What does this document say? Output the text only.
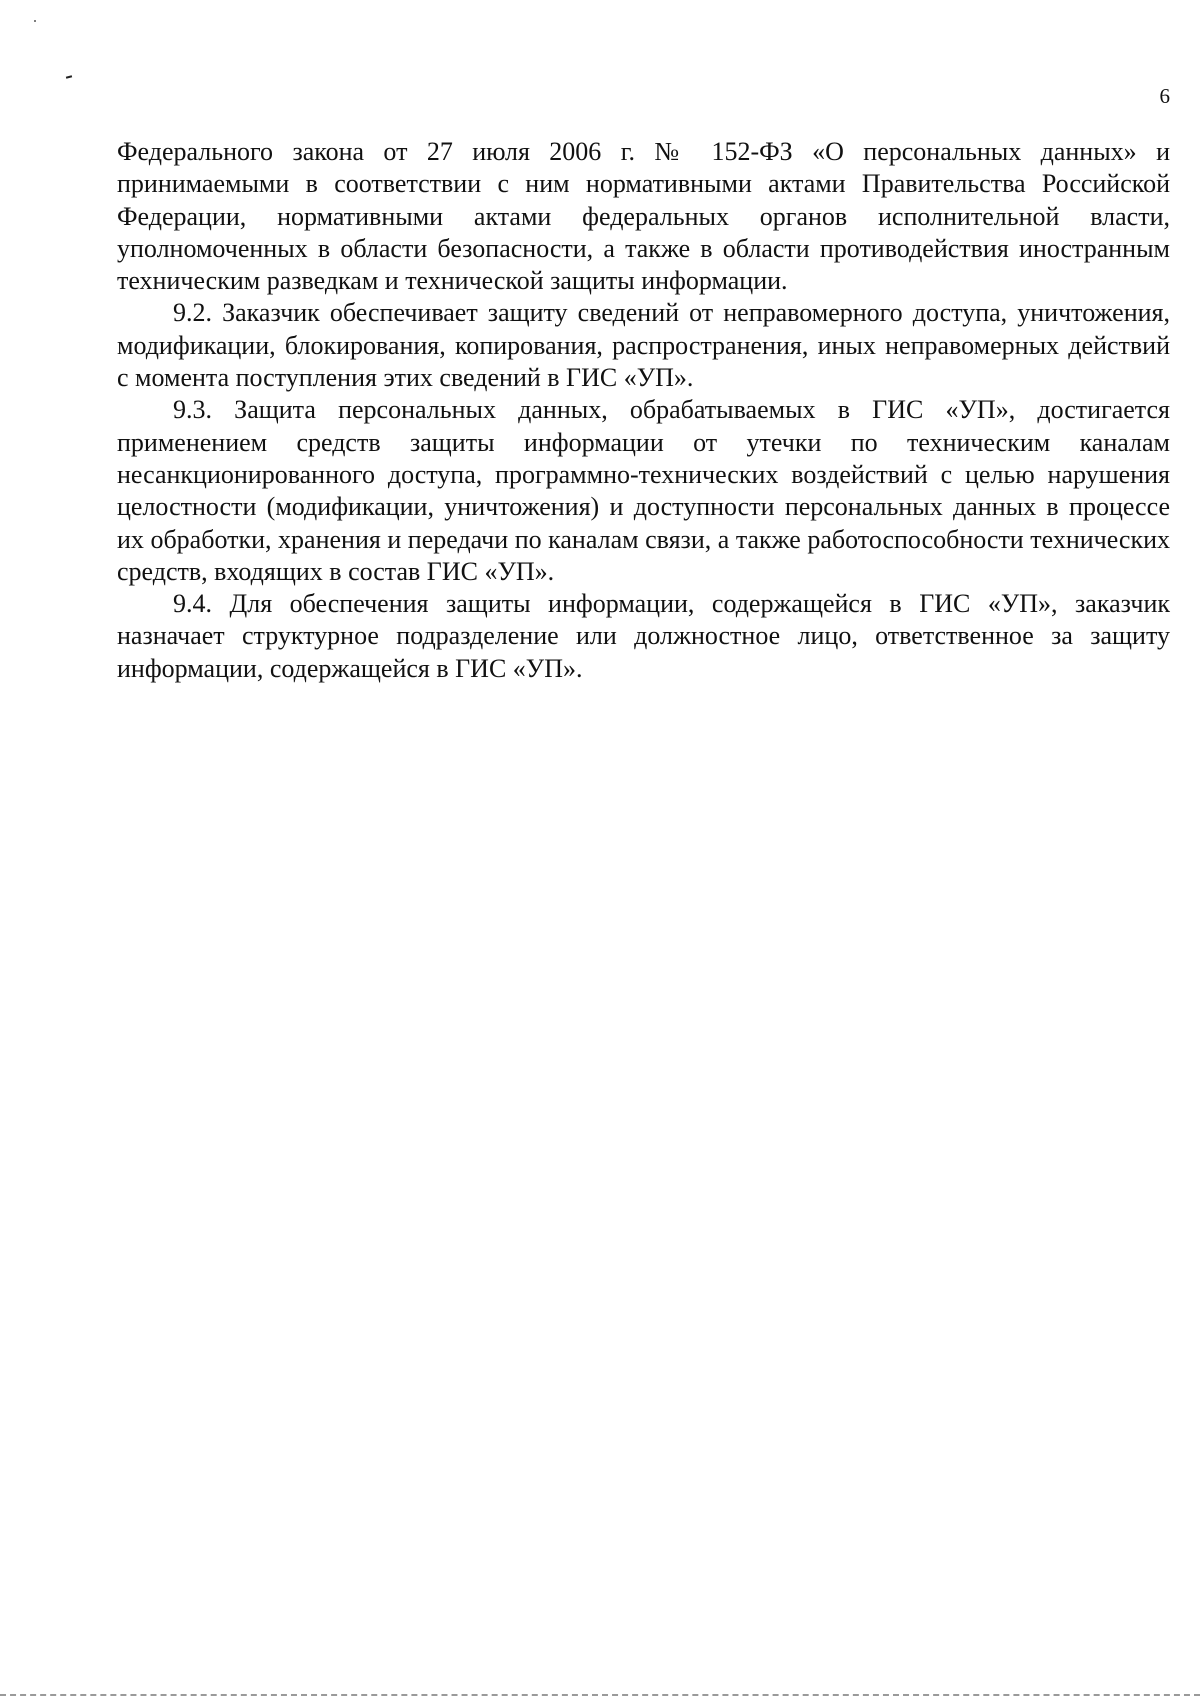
6

Федерального закона от 27 июля 2006 г. № 152-ФЗ «О персональных данных» и принимаемыми в соответствии с ним нормативными актами Правительства Российской Федерации, нормативными актами федеральных органов исполнительной власти, уполномоченных в области безопасности, а также в области противодействия иностранным техническим разведкам и технической защиты информации.

9.2. Заказчик обеспечивает защиту сведений от неправомерного доступа, уничтожения, модификации, блокирования, копирования, распространения, иных неправомерных действий с момента поступления этих сведений в ГИС «УП».

9.3. Защита персональных данных, обрабатываемых в ГИС «УП», достигается применением средств защиты информации от утечки по техническим каналам несанкционированного доступа, программно-технических воздействий с целью нарушения целостности (модификации, уничтожения) и доступности персональных данных в процессе их обработки, хранения и передачи по каналам связи, а также работоспособности технических средств, входящих в состав ГИС «УП».

9.4. Для обеспечения защиты информации, содержащейся в ГИС «УП», заказчик назначает структурное подразделение или должностное лицо, ответственное за защиту информации, содержащейся в ГИС «УП».
